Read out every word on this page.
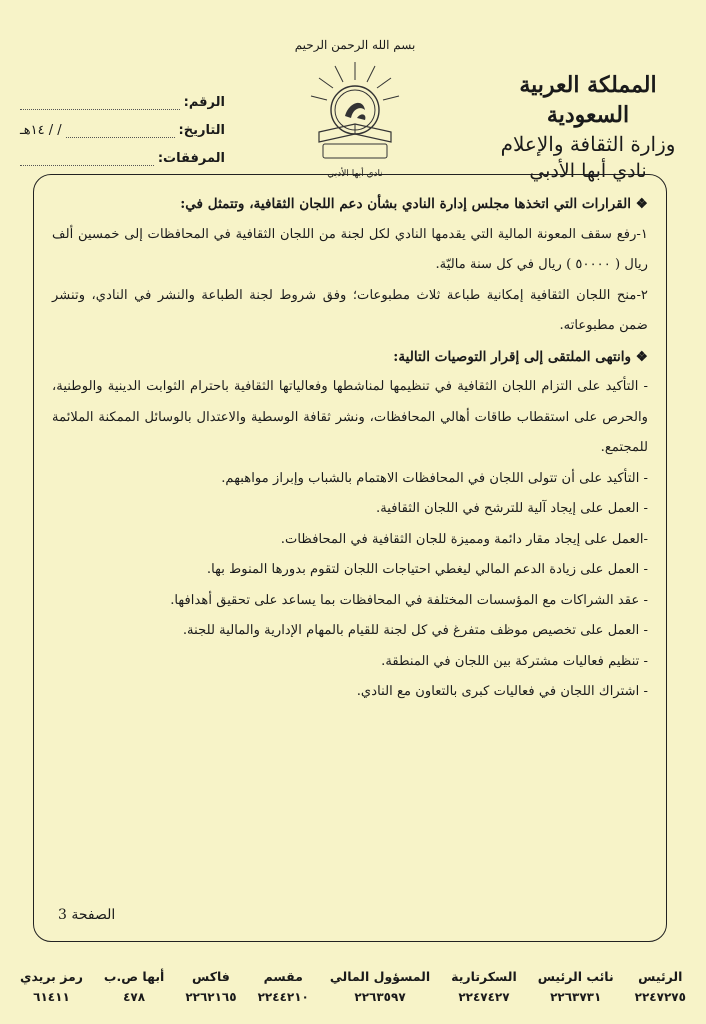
المملكة العربية السعودية
وزارة الثقافة والإعلام
نادي أبها الأدبي
بسم الله الرحمن الرحيم
نادي أبها الأدبي
الرقم:
التاريخ:
/ / ١٤هـ
المرفقات:

❖ القرارات التي اتخذها مجلس إدارة النادي بشأن دعم اللجان الثقافية، وتتمثل في:

١-رفع سقف المعونة المالية التي يقدمها النادي لكل لجنة من اللجان الثقافية في المحافظات إلى خمسين ألف ريال ( ٥٠٠٠٠ ) ريال في كل سنة ماليّة.

٢-منح اللجان الثقافية إمكانية طباعة ثلاث مطبوعات؛ وفق شروط لجنة الطباعة والنشر في النادي، وتنشر ضمن مطبوعاته.

❖ وانتهى الملتقى إلى إقرار التوصيات التالية:

- التأكيد على التزام اللجان الثقافية في تنظيمها لمناشطها وفعالياتها الثقافية باحترام الثوابت الدينية والوطنية، والحرص على استقطاب طاقات أهالي المحافظات، ونشر ثقافة الوسطية والاعتدال بالوسائل الممكنة الملائمة للمجتمع.

- التأكيد على أن تتولى اللجان في المحافظات الاهتمام بالشباب وإبراز مواهبهم.

- العمل على إيجاد آلية للترشح في اللجان الثقافية.

-العمل على إيجاد مقار دائمة ومميزة للجان الثقافية في المحافظات.

- العمل على زيادة الدعم المالي ليغطي احتياجات اللجان لتقوم بدورها المنوط بها.

- عقد الشراكات مع المؤسسات المختلفة في المحافظات بما يساعد على تحقيق أهدافها.

- العمل على تخصيص موظف متفرغ في كل لجنة للقيام بالمهام الإدارية والمالية للجنة.

- تنظيم فعاليات مشتركة بين اللجان في المنطقة.

- اشتراك اللجان في فعاليات كبرى بالتعاون مع النادي.

الصفحة 3
الرئيس
٢٢٤٧٢٧٥
نائب الرئيس
٢٢٦٣٧٣١
السكرتارية
٢٢٤٧٤٢٧
المسؤول المالي
٢٢٦٣٥٩٧
مقسم
٢٢٤٤٢١٠
فاكس
٢٢٦٢١٦٥
أبها ص.ب
٤٧٨
رمز بريدي
٦١٤١١
